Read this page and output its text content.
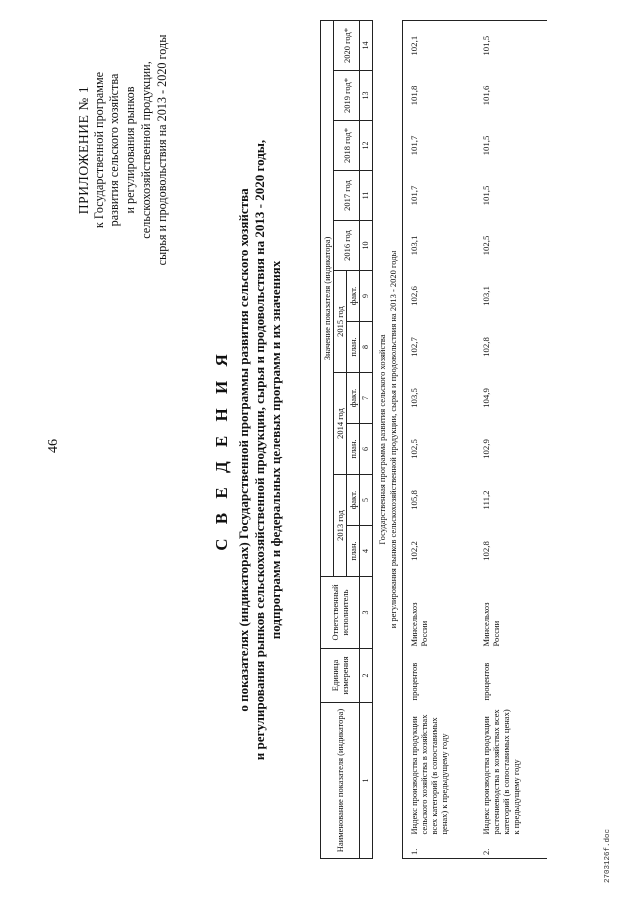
46
ПРИЛОЖЕНИЕ № 1 к Государственной программе развития сельского хозяйства и регулирования рынков сельскохозяйственной продукции, сырья и продовольствия на 2013 - 2020 годы
С В Е Д Е Н И Я о показателях (индикаторах) Государственной программы развития сельского хозяйства и регулирования рынков сельскохозяйственной продукции, сырья и продовольствия на 2013 - 2020 годы, подпрограмм и федеральных целевых программ и их значениях
Наименование показателя (индикатора)		Единица измерения	Ответственный исполнитель	Значение показателя (индикатора)										
				2013 год		2014 год		2015 год		2016 год	2017 год	2018 год*	2019 год*	2020 год*
				план.	факт.	план.	факт.	план.	факт.					
1		2	3	4	5	6	7	8	9	10	11	12	13	14

Государственная программа развития сельского хозяйства и регулирования рынков сельскохозяйственной продукции, сырья и продовольствия на 2013 - 2020 годы														

1.	Индекс производства продукции сельского хозяйства в хозяйствах всех категорий (в сопоставимых ценах) к предыдущему году	процентов	Минсельхоз России	102,2	105,8	102,5	103,5	102,7	102,6	103,1	101,7	101,7	101,8	102,1
2.	Индекс производства продукции растениеводства в хозяйствах всех категорий (в сопоставимых ценах) к предыдущему году	процентов	Минсельхоз России	102,8	111,2	102,9	104,9	102,8	103,1	102,5	101,5	101,5	101,6	101,5
2703126f.doc
